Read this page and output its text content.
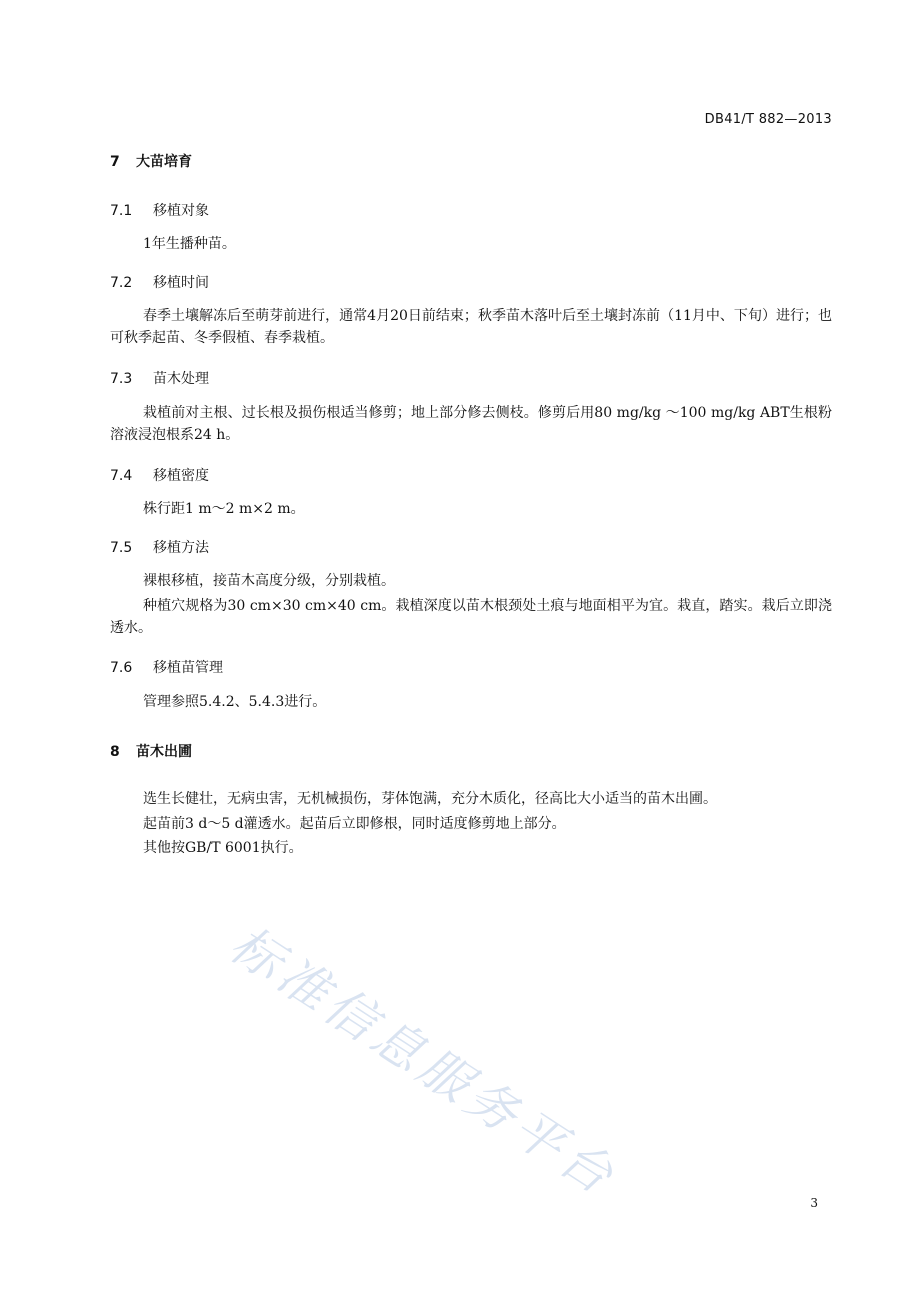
DB41/T 882—2013
7 大苗培育
7.1 移植对象
1年生播种苗。
7.2 移植时间
春季土壤解冻后至萌芽前进行，通常4月20日前结束；秋季苗木落叶后至土壤封冻前（11月中、下旬）进行；也可秋季起苗、冬季假植、春季栽植。
7.3 苗木处理
栽植前对主根、过长根及损伤根适当修剪；地上部分修去侧枝。修剪后用80 mg/kg ～100 mg/kg ABT生根粉溶液浸泡根系24 h。
7.4 移植密度
株行距1 m～2 m×2 m。
7.5 移植方法
裸根移植，接苗木高度分级，分别栽植。
种植穴规格为30 cm×30 cm×40 cm。栽植深度以苗木根颈处土痕与地面相平为宜。栽直，踏实。栽后立即浇透水。
7.6 移植苗管理
管理参照5.4.2、5.4.3进行。
8 苗木出圃
选生长健壮，无病虫害，无机械损伤，芽体饱满，充分木质化，径高比大小适当的苗木出圃。
起苗前3 d～5 d灌透水。起苗后立即修根，同时适度修剪地上部分。
其他按GB/T 6001执行。
标准信息服务平台	3
